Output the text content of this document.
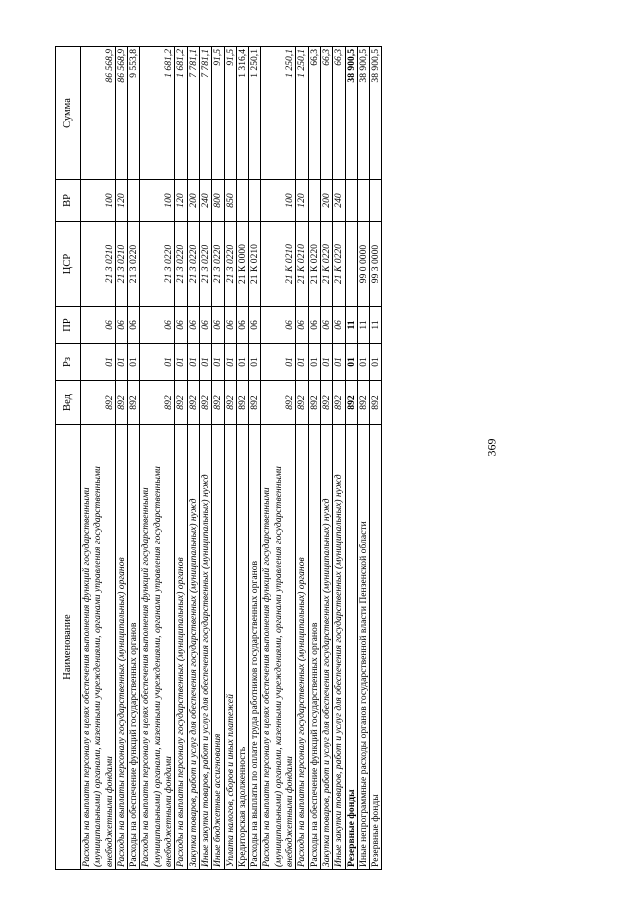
369
Наименование	Вед	Рз	ПР	ЦСР	ВР	Сумма
Расходы на выплаты персоналу в целях обеспечения выполнения функций государственными (муниципальными) органами, казенными учреждениями, органами управления государственными внебюджетными фондами	892	01	06	21 3 0210	100	86 568,9
Расходы на выплаты персоналу государственных (муниципальных) органов	892	01	06	21 3 0210	120	86 568,9
Расходы на обеспечение функций государственных органов	892	01	06	21 3 0220		9 553,8
Расходы на выплаты персоналу в целях обеспечения выполнения функций государственными (муниципальными) органами, казенными учреждениями, органами управления государственными внебюджетными фондами	892	01	06	21 3 0220	100	1 681,2
Расходы на выплаты персоналу государственных (муниципальных) органов	892	01	06	21 3 0220	120	1 681,2
Закупка товаров, работ и услуг для обеспечения государственных (муниципальных) нужд	892	01	06	21 3 0220	200	7 781,1
Иные закупки товаров, работ и услуг для обеспечения государственных (муниципальных) нужд	892	01	06	21 3 0220	240	7 781,1
Иные бюджетные ассигнования	892	01	06	21 3 0220	800	91,5
Уплата налогов, сборов и иных платежей	892	01	06	21 3 0220	850	91,5
Кредиторская задолженность	892	01	06	21 К 0000		1 316,4
Расходы на выплаты по оплате труда работников государственных органов	892	01	06	21 К 0210		1 250,1
Расходы на выплаты персоналу в целях обеспечения выполнения функций государственными (муниципальными) органами, казенными учреждениями, органами управления государственными внебюджетными фондами	892	01	06	21 К 0210	100	1 250,1
Расходы на выплаты персоналу государственных (муниципальных) органов	892	01	06	21 К 0210	120	1 250,1
Расходы на обеспечение функций государственных органов	892	01	06	21 К 0220		66,3
Закупка товаров, работ и услуг для обеспечения государственных (муниципальных) нужд	892	01	06	21 К 0220	200	66,3
Иные закупки товаров, работ и услуг для обеспечения государственных (муниципальных) нужд	892	01	06	21 К 0220	240	66,3
Резервные фонды	892	01	11			38 900,5
Иные непрограммные расходы органов государственной власти Пензенской области	892	01	11	99 0 0000		38 900,5
Резервные фонды	892	01	11	99 3 0000		38 900,5
